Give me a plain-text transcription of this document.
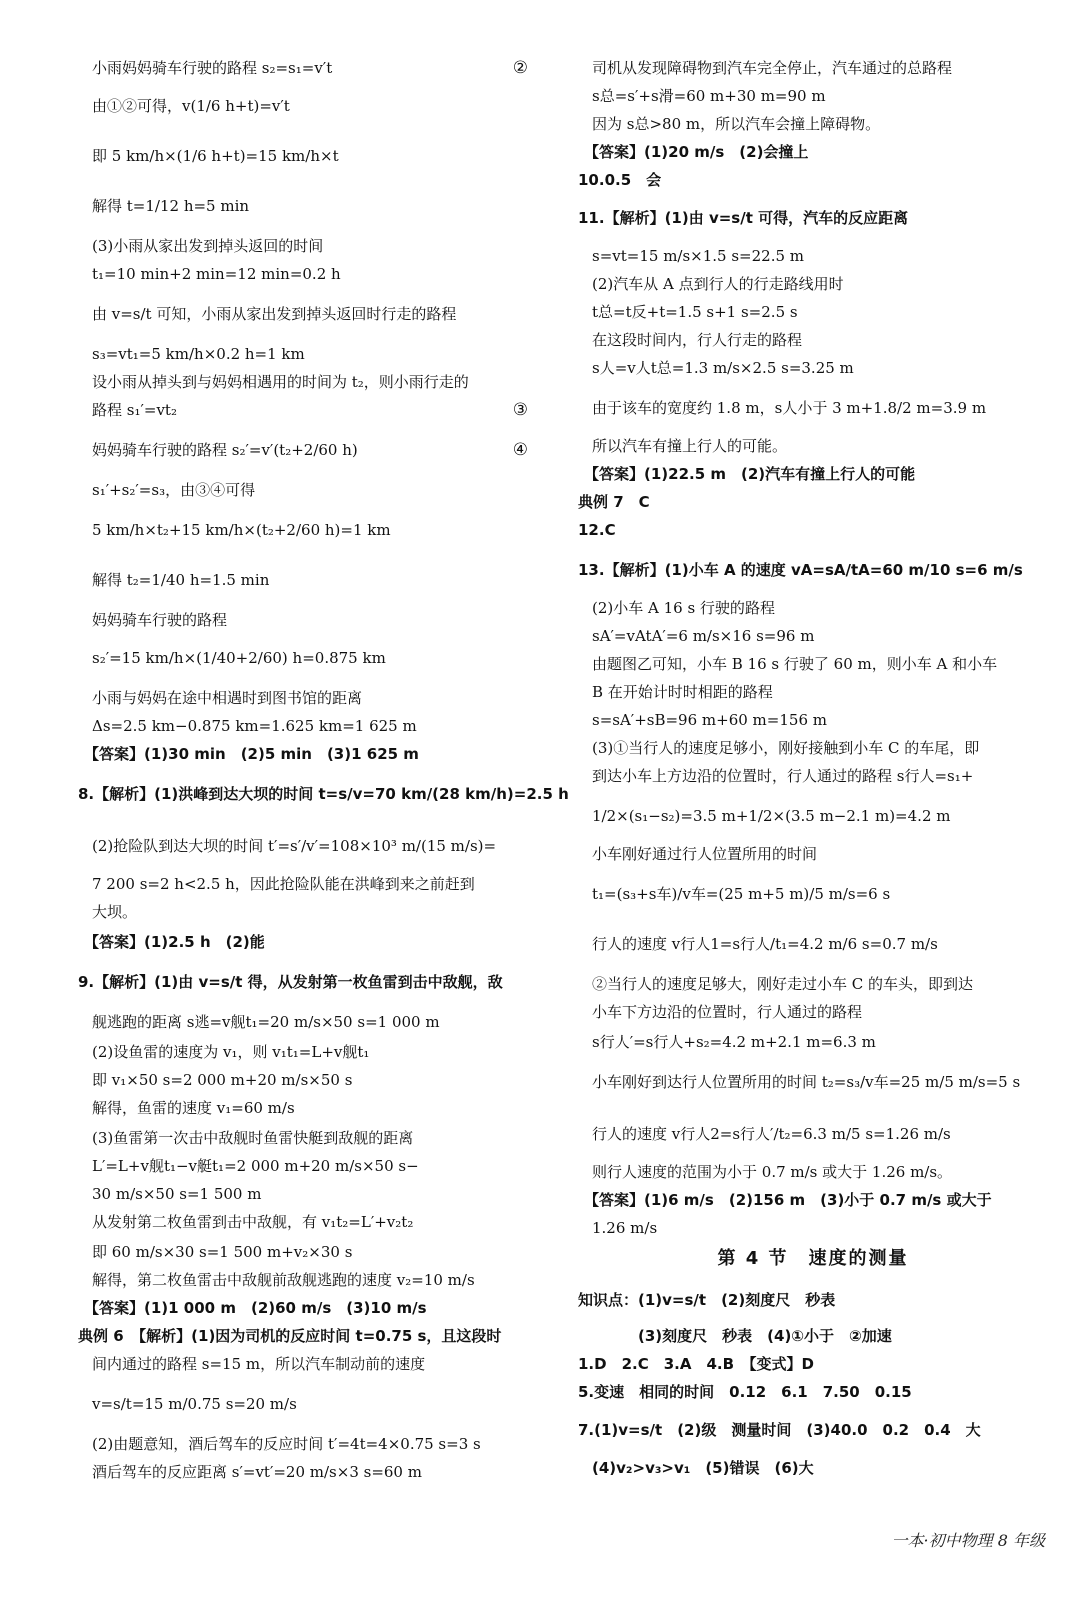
小雨妈妈骑车行驶的路程 s₂=s₁=v′t	②
由①②可得，v(1/6 h+t)=v′t
即 5 km/h×(1/6 h+t)=15 km/h×t
解得 t=1/12 h=5 min
(3)小雨从家出发到掉头返回的时间
t₁=10 min+2 min=12 min=0.2 h
由 v=s/t 可知，小雨从家出发到掉头返回时行走的路程
s₃=vt₁=5 km/h×0.2 h=1 km
设小雨从掉头到与妈妈相遇用的时间为 t₂，则小雨行走的
路程 s₁′=vt₂	③
妈妈骑车行驶的路程 s₂′=v′(t₂+2/60 h)	④
s₁′+s₂′=s₃，由③④可得
5 km/h×t₂+15 km/h×(t₂+2/60 h)=1 km
解得 t₂=1/40 h=1.5 min
妈妈骑车行驶的路程
s₂′=15 km/h×(1/40+2/60) h=0.875 km
小雨与妈妈在途中相遇时到图书馆的距离
Δs=2.5 km−0.875 km=1.625 km=1 625 m
【答案】(1)30 min　(2)5 min　(3)1 625 m
8.【解析】(1)洪峰到达大坝的时间 t=s/v=70 km/(28 km/h)=2.5 h
(2)抢险队到达大坝的时间 t′=s′/v′=108×10³ m/(15 m/s)=
7 200 s=2 h<2.5 h，因此抢险队能在洪峰到来之前赶到
大坝。
【答案】(1)2.5 h　(2)能
9.【解析】(1)由 v=s/t 得，从发射第一枚鱼雷到击中敌舰，敌
舰逃跑的距离 s逃=v舰t₁=20 m/s×50 s=1 000 m
(2)设鱼雷的速度为 v₁，则 v₁t₁=L+v舰t₁
即 v₁×50 s=2 000 m+20 m/s×50 s
解得，鱼雷的速度 v₁=60 m/s
(3)鱼雷第一次击中敌舰时鱼雷快艇到敌舰的距离
L′=L+v舰t₁−v艇t₁=2 000 m+20 m/s×50 s−
30 m/s×50 s=1 500 m
从发射第二枚鱼雷到击中敌舰，有 v₁t₂=L′+v₂t₂
即 60 m/s×30 s=1 500 m+v₂×30 s
解得，第二枚鱼雷击中敌舰前敌舰逃跑的速度 v₂=10 m/s
【答案】(1)1 000 m　(2)60 m/s　(3)10 m/s
典例 6　【解析】(1)因为司机的反应时间 t=0.75 s，且这段时
间内通过的路程 s=15 m，所以汽车制动前的速度
v=s/t=15 m/0.75 s=20 m/s
(2)由题意知，酒后驾车的反应时间 t′=4t=4×0.75 s=3 s
酒后驾车的反应距离 s′=vt′=20 m/s×3 s=60 m
第 4 节　速度的测量
司机从发现障碍物到汽车完全停止，汽车通过的总路程
s总=s′+s滑=60 m+30 m=90 m
因为 s总>80 m，所以汽车会撞上障碍物。
【答案】(1)20 m/s　(2)会撞上
10.0.5　会
11.【解析】(1)由 v=s/t 可得，汽车的反应距离
s=vt=15 m/s×1.5 s=22.5 m
(2)汽车从 A 点到行人的行走路线用时
t总=t反+t=1.5 s+1 s=2.5 s
在这段时间内，行人行走的路程
s人=v人t总=1.3 m/s×2.5 s=3.25 m
由于该车的宽度约 1.8 m，s人小于 3 m+1.8/2 m=3.9 m
所以汽车有撞上行人的可能。
【答案】(1)22.5 m　(2)汽车有撞上行人的可能
典例 7　C
12.C
13.【解析】(1)小车 A 的速度 vA=sA/tA=60 m/10 s=6 m/s
(2)小车 A 16 s 行驶的路程
sA′=vAtA′=6 m/s×16 s=96 m
由题图乙可知，小车 B 16 s 行驶了 60 m，则小车 A 和小车
B 在开始计时时相距的路程
s=sA′+sB=96 m+60 m=156 m
(3)①当行人的速度足够小，刚好接触到小车 C 的车尾，即
到达小车上方边沿的位置时，行人通过的路程 s行人=s₁+
1/2×(s₁−s₂)=3.5 m+1/2×(3.5 m−2.1 m)=4.2 m
小车刚好通过行人位置所用的时间
t₁=(s₃+s车)/v车=(25 m+5 m)/5 m/s=6 s
行人的速度 v行人1=s行人/t₁=4.2 m/6 s=0.7 m/s
②当行人的速度足够大，刚好走过小车 C 的车头，即到达
小车下方边沿的位置时，行人通过的路程
s行人′=s行人+s₂=4.2 m+2.1 m=6.3 m
小车刚好到达行人位置所用的时间 t₂=s₃/v车=25 m/5 m/s=5 s
行人的速度 v行人2=s行人′/t₂=6.3 m/5 s=1.26 m/s
则行人速度的范围为小于 0.7 m/s 或大于 1.26 m/s。
【答案】(1)6 m/s　(2)156 m　(3)小于 0.7 m/s 或大于
1.26 m/s
知识点：(1)v=s/t　(2)刻度尺　秒表
(3)刻度尺　秒表　(4)①小于　②加速
1.D　2.C　3.A　4.B　【变式】D
5.变速　相同的时间　0.12　6.1　7.50　0.15
7.(1)v=s/t　(2)级　测量时间　(3)40.0　0.2　0.4　大
(4)v₂>v₃>v₁　(5)错误　(6)大
一本·初中物理 8 年级
